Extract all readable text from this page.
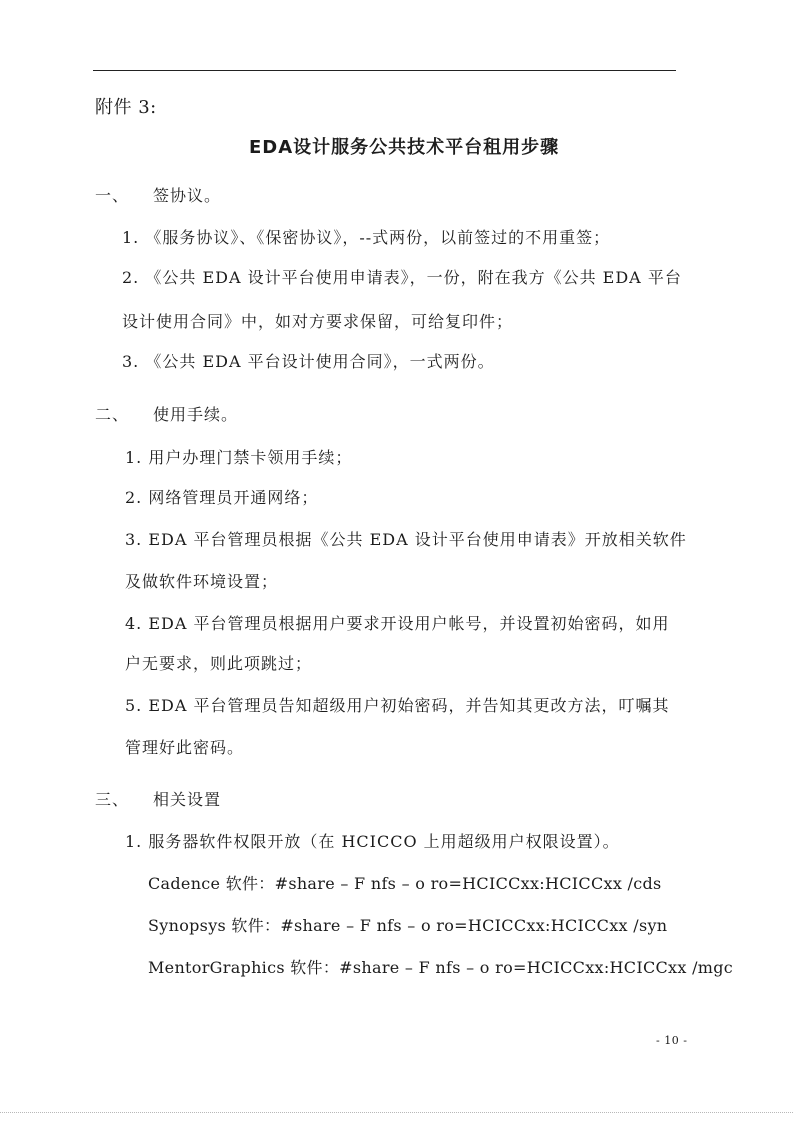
附件 3:
EDA设计服务公共技术平台租用步骤
一、 签协议。
1. 《服务协议》、《保密协议》，--式两份，以前签过的不用重签；
2. 《公共 EDA 设计平台使用申请表》，一份，附在我方《公共 EDA 平台
设计使用合同》中，如对方要求保留，可给复印件；
3. 《公共 EDA 平台设计使用合同》，一式两份。
二、 使用手续。
1. 用户办理门禁卡领用手续；
2. 网络管理员开通网络；
3. EDA 平台管理员根据《公共 EDA 设计平台使用申请表》开放相关软件
及做软件环境设置；
4. EDA 平台管理员根据用户要求开设用户帐号，并设置初始密码，如用
户无要求，则此项跳过；
5. EDA 平台管理员告知超级用户初始密码，并告知其更改方法，叮嘱其
管理好此密码。
三、 相关设置
1. 服务器软件权限开放（在 HCICCO 上用超级用户权限设置）。
Cadence 软件：#share – F nfs – o ro=HCICCxx:HCICCxx /cds
Synopsys 软件：#share – F nfs – o ro=HCICCxx:HCICCxx /syn
MentorGraphics 软件：#share – F nfs – o ro=HCICCxx:HCICCxx /mgc
- 10 -
